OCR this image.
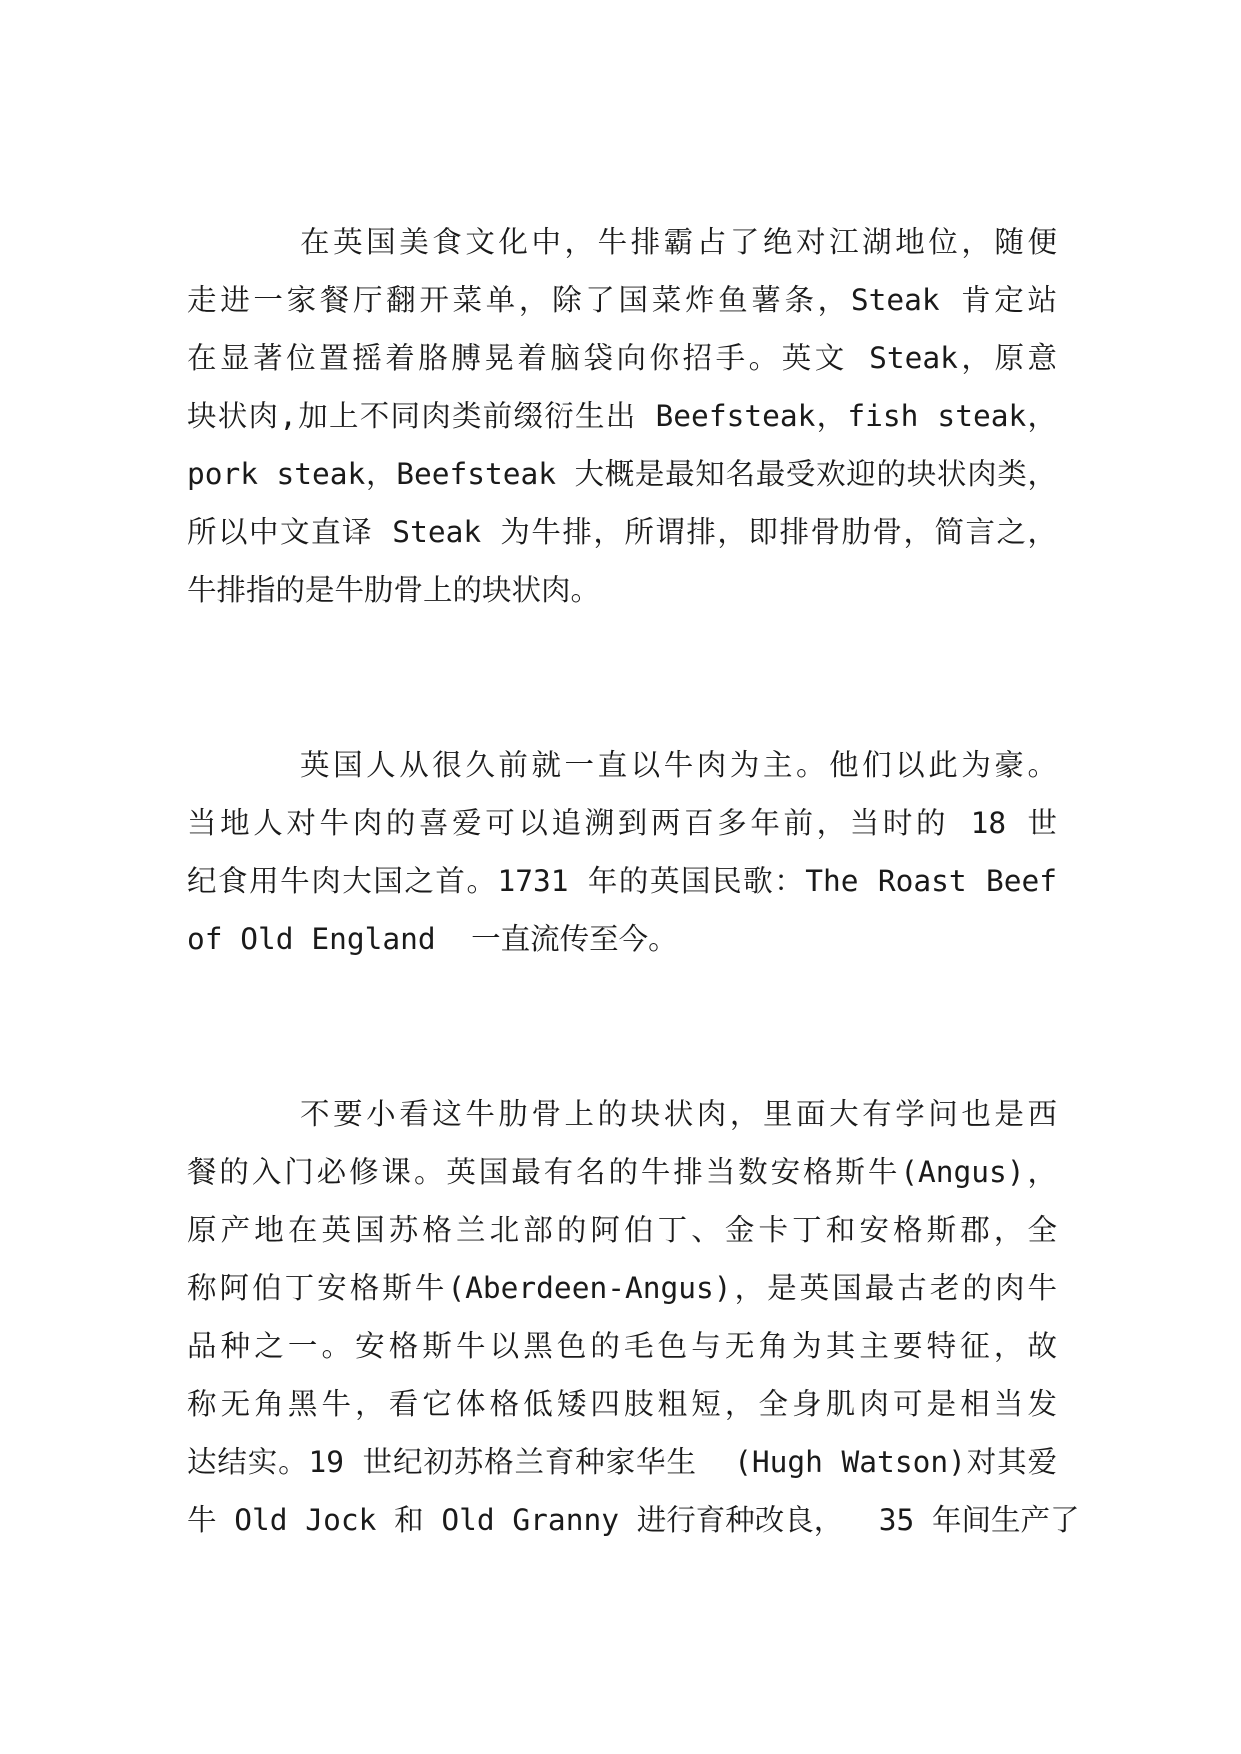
在英国美食文化中，牛排霸占了绝对江湖地位，随便

走进一家餐厅翻开菜单，除了国菜炸鱼薯条，Steak 肯定站

在显著位置摇着胳膊晃着脑袋向你招手。英文 Steak，原意

块状肉,加上不同肉类前缀衍生出 Beefsteak，fish steak，

pork steak，Beefsteak 大概是最知名最受欢迎的块状肉类，

所以中文直译 Steak 为牛排，所谓排，即排骨肋骨，简言之，

牛排指的是牛肋骨上的块状肉。

英国人从很久前就一直以牛肉为主。他们以此为豪。

当地人对牛肉的喜爱可以追溯到两百多年前，当时的 18 世

纪食用牛肉大国之首。1731 年的英国民歌：The Roast Beef

of Old England  一直流传至今。

不要小看这牛肋骨上的块状肉，里面大有学问也是西

餐的入门必修课。英国最有名的牛排当数安格斯牛(Angus)，

原产地在英国苏格兰北部的阿伯丁、金卡丁和安格斯郡，全

称阿伯丁安格斯牛(Aberdeen-Angus)，是英国最古老的肉牛

品种之一。安格斯牛以黑色的毛色与无角为其主要特征，故

称无角黑牛，看它体格低矮四肢粗短，全身肌肉可是相当发

达结实。19 世纪初苏格兰育种家华生  (Hugh Watson)对其爱

牛 Old Jock 和 Old Granny 进行育种改良，  35 年间生产了
